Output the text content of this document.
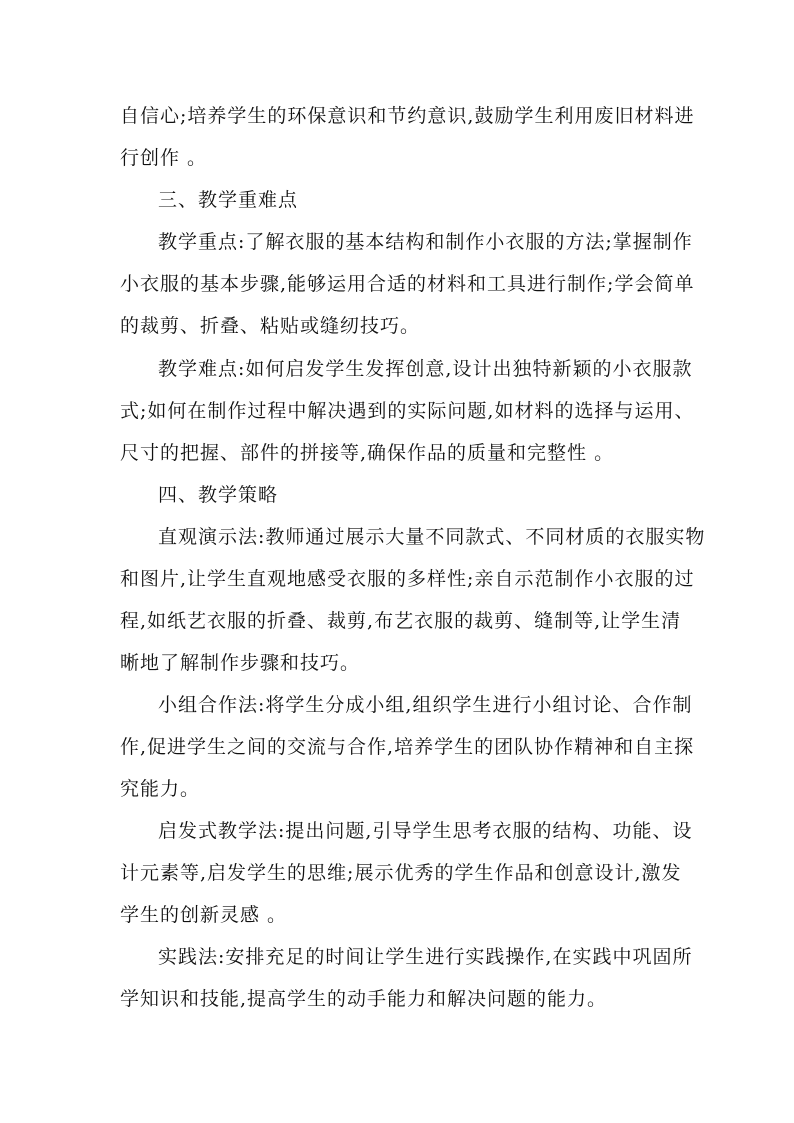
自信心;培养学生的环保意识和节约意识,鼓励学生利用废旧材料进
行创作 。
三、教学重难点
教学重点:了解衣服的基本结构和制作小衣服的方法;掌握制作
小衣服的基本步骤,能够运用合适的材料和工具进行制作;学会简单
的裁剪、折叠、粘贴或缝纫技巧。
教学难点:如何启发学生发挥创意,设计出独特新颖的小衣服款
式;如何在制作过程中解决遇到的实际问题,如材料的选择与运用、
尺寸的把握、部件的拼接等,确保作品的质量和完整性 。
四、教学策略
直观演示法:教师通过展示大量不同款式、不同材质的衣服实物
和图片,让学生直观地感受衣服的多样性;亲自示范制作小衣服的过
程,如纸艺衣服的折叠、裁剪,布艺衣服的裁剪、缝制等,让学生清
晰地了解制作步骤和技巧。
小组合作法:将学生分成小组,组织学生进行小组讨论、合作制
作,促进学生之间的交流与合作,培养学生的团队协作精神和自主探
究能力。
启发式教学法:提出问题,引导学生思考衣服的结构、功能、设
计元素等,启发学生的思维;展示优秀的学生作品和创意设计,激发
学生的创新灵感 。
实践法:安排充足的时间让学生进行实践操作,在实践中巩固所
学知识和技能,提高学生的动手能力和解决问题的能力。
